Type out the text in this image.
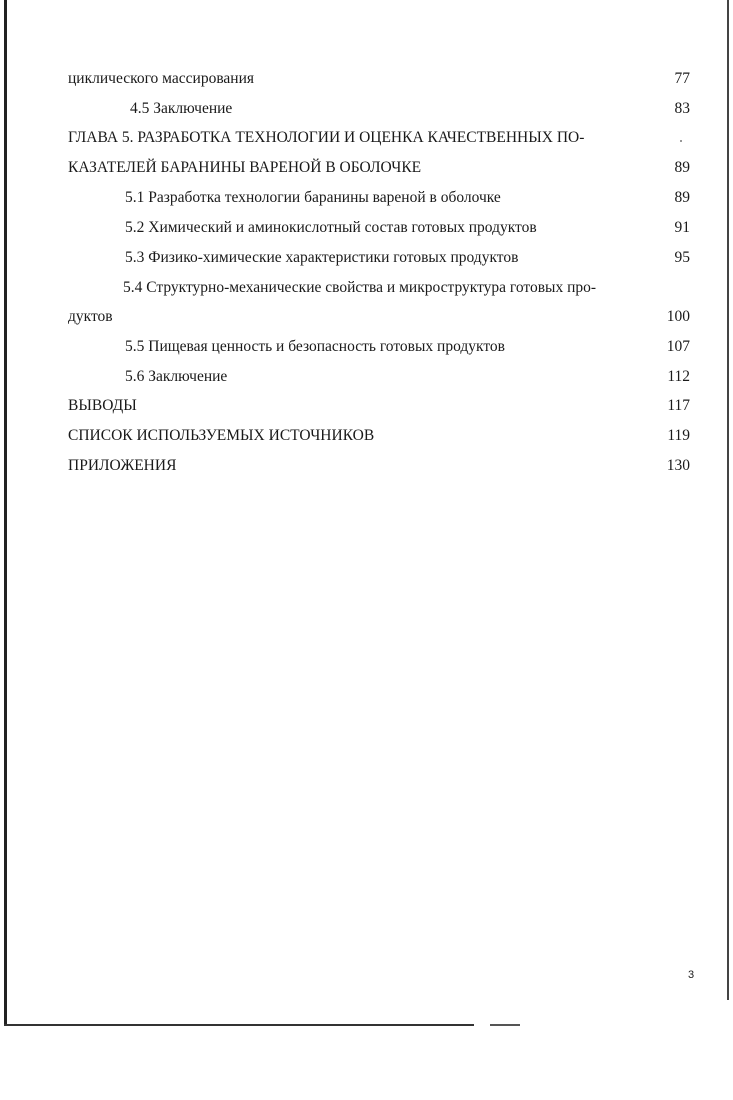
циклического массирования	77
4.5 Заключение	83
ГЛАВА 5. РАЗРАБОТКА ТЕХНОЛОГИИ И ОЦЕНКА КАЧЕСТВЕННЫХ ПО-
КАЗАТЕЛЕЙ БАРАНИНЫ ВАРЕНОЙ В ОБОЛОЧКЕ	89
5.1 Разработка технологии баранины вареной в оболочке	89
5.2 Химический и аминокислотный состав готовых продуктов	91
5.3 Физико-химические характеристики готовых продуктов	95
5.4 Структурно-механические свойства и микроструктура готовых про-
дуктов	100
5.5 Пищевая ценность и безопасность готовых продуктов	107
5.6 Заключение	112
ВЫВОДЫ	117
СПИСОК ИСПОЛЬЗУЕМЫХ ИСТОЧНИКОВ	119
ПРИЛОЖЕНИЯ	130
3
